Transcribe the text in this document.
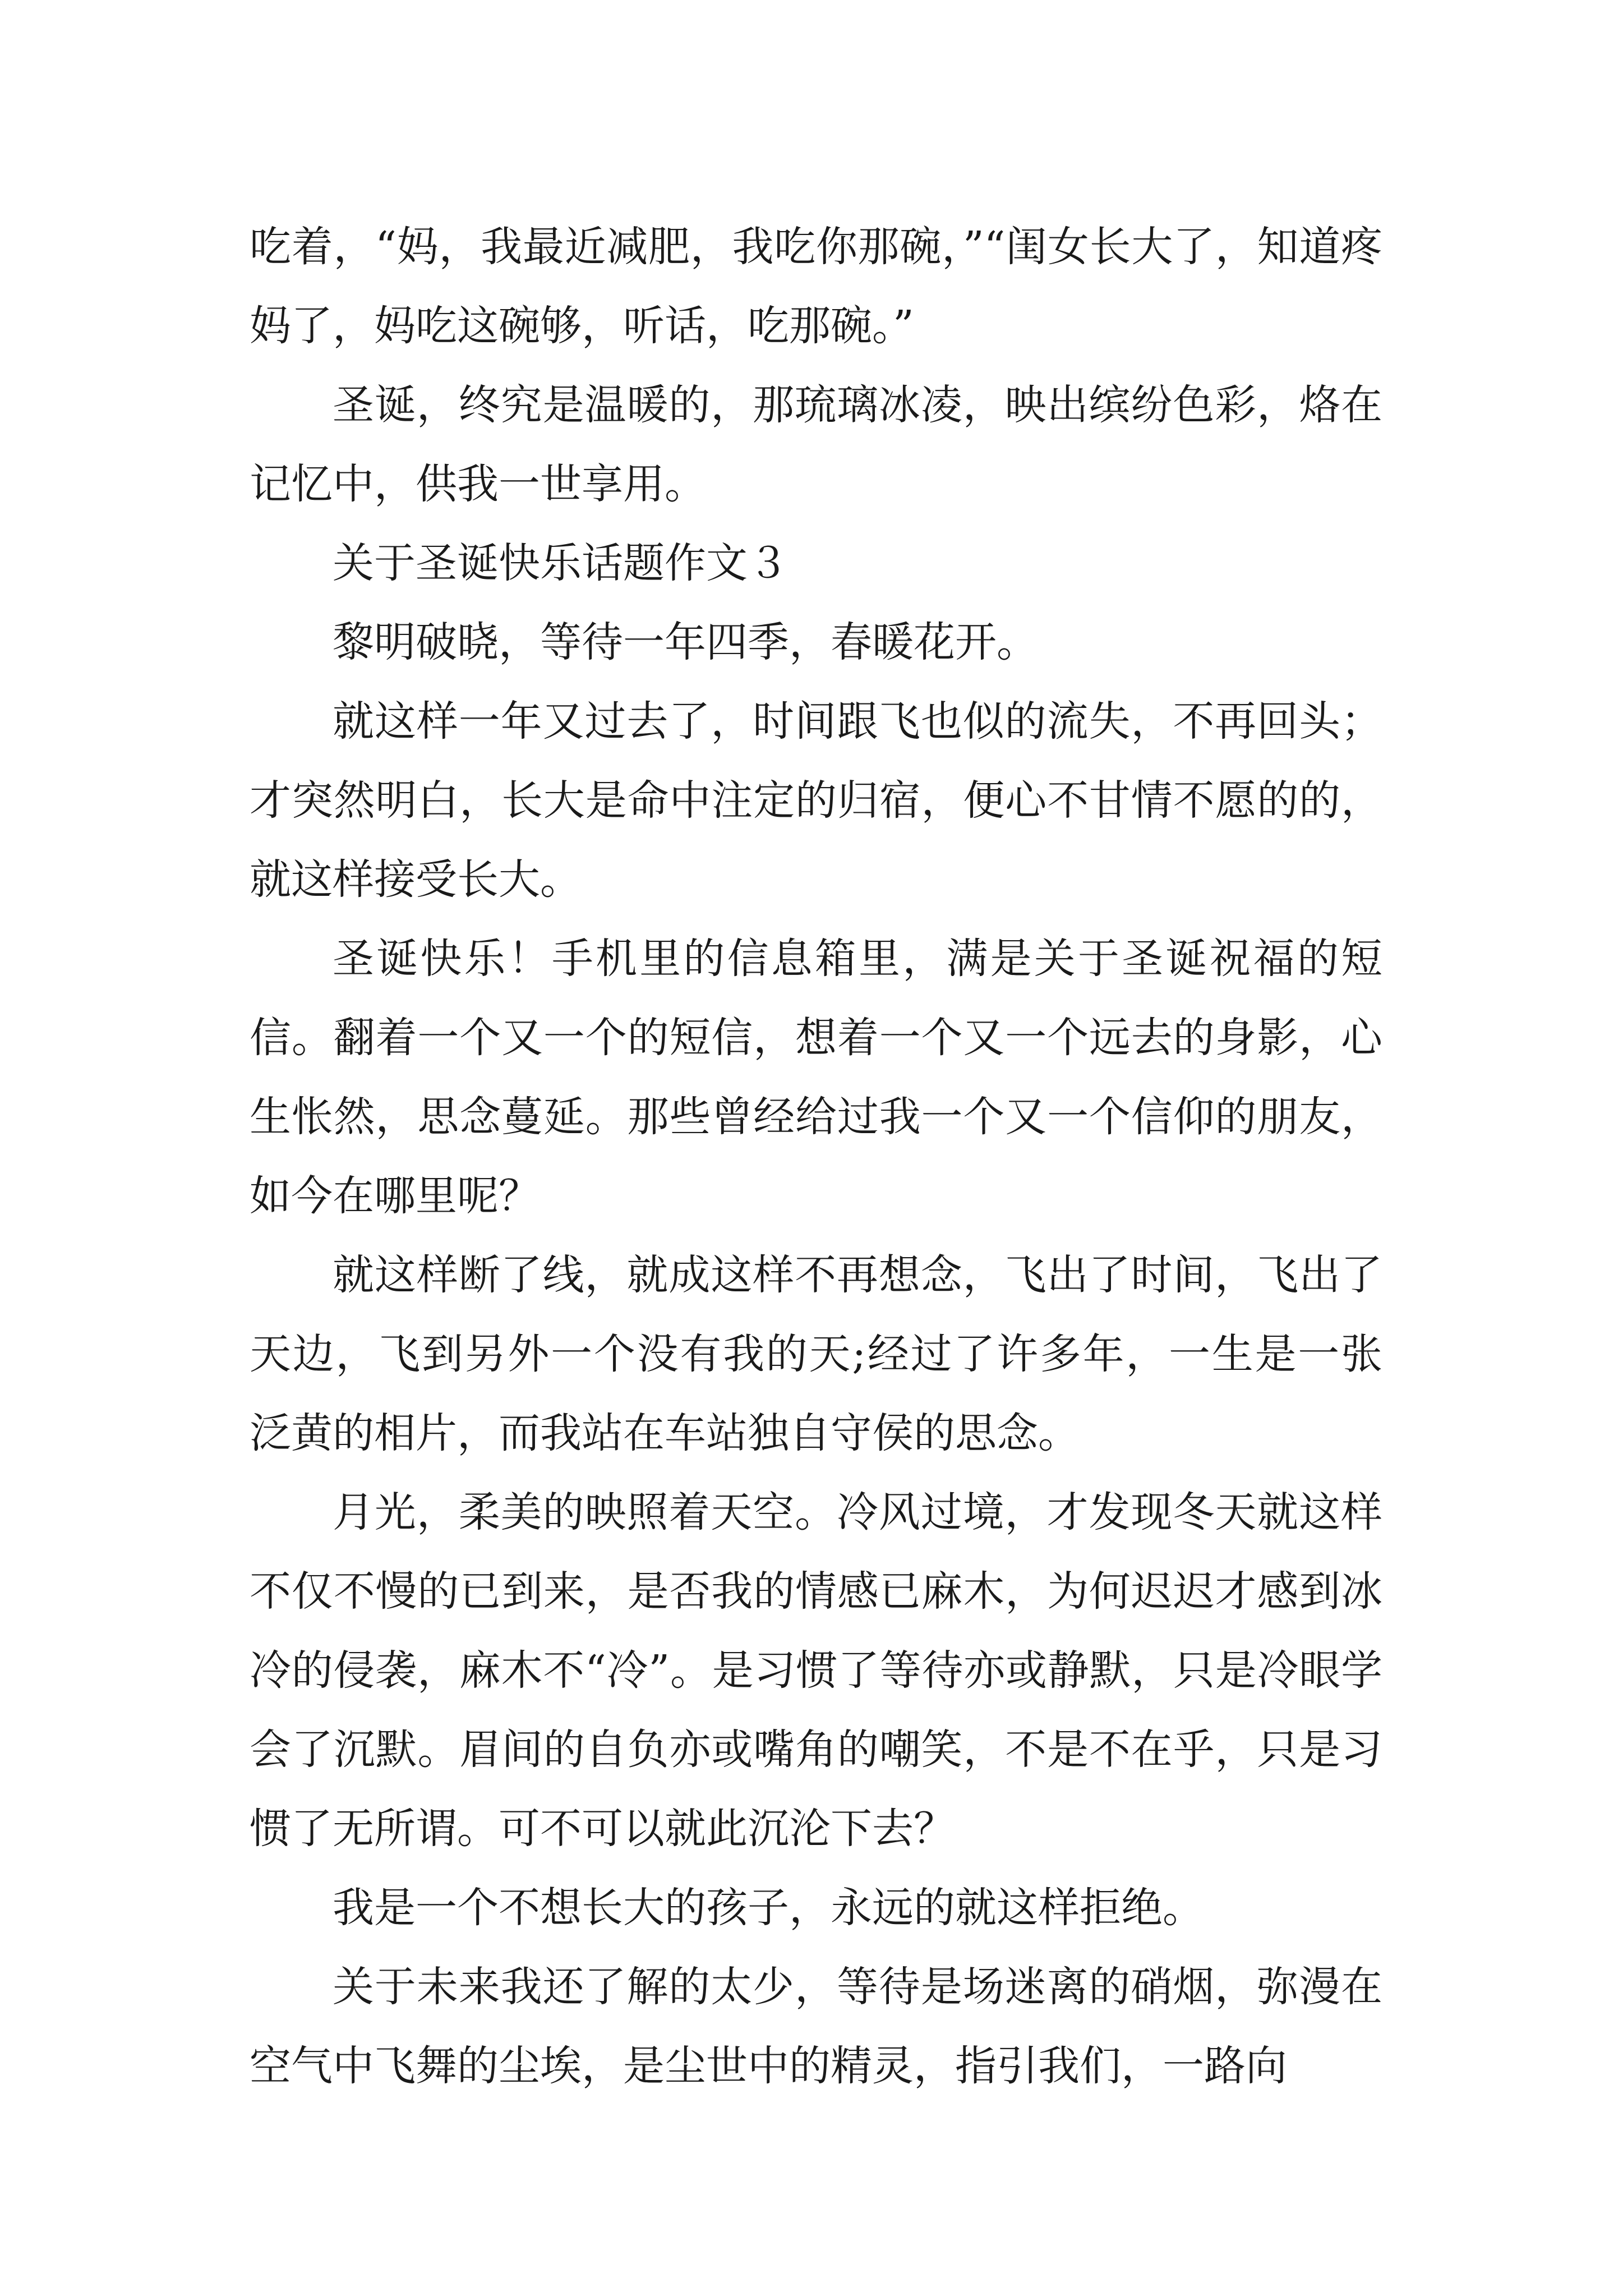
吃着，“妈，我最近减肥，我吃你那碗，”“闺女长大了，知道疼妈了，妈吃这碗够，听话，吃那碗。”

圣诞，终究是温暖的，那琉璃冰凌，映出缤纷色彩，烙在记忆中，供我一世享用。

关于圣诞快乐话题作文３

黎明破晓，等待一年四季，春暖花开。

就这样一年又过去了，时间跟飞也似的流失，不再回头；才突然明白，长大是命中注定的归宿，便心不甘情不愿的的，就这样接受长大。

圣诞快乐！手机里的信息箱里，满是关于圣诞祝福的短信。翻着一个又一个的短信，想着一个又一个远去的身影，心生怅然，思念蔓延。那些曾经给过我一个又一个信仰的朋友，如今在哪里呢？

就这样断了线，就成这样不再想念，飞出了时间，飞出了天边，飞到另外一个没有我的天;经过了许多年，一生是一张泛黄的相片，而我站在车站独自守侯的思念。

月光，柔美的映照着天空。冷风过境，才发现冬天就这样不仅不慢的已到来，是否我的情感已麻木，为何迟迟才感到冰冷的侵袭，麻木不“冷”。是习惯了等待亦或静默，只是冷眼学会了沉默。眉间的自负亦或嘴角的嘲笑，不是不在乎，只是习惯了无所谓。可不可以就此沉沦下去？

我是一个不想长大的孩子，永远的就这样拒绝。

关于未来我还了解的太少，等待是场迷离的硝烟，弥漫在空气中飞舞的尘埃，是尘世中的精灵，指引我们，一路向
